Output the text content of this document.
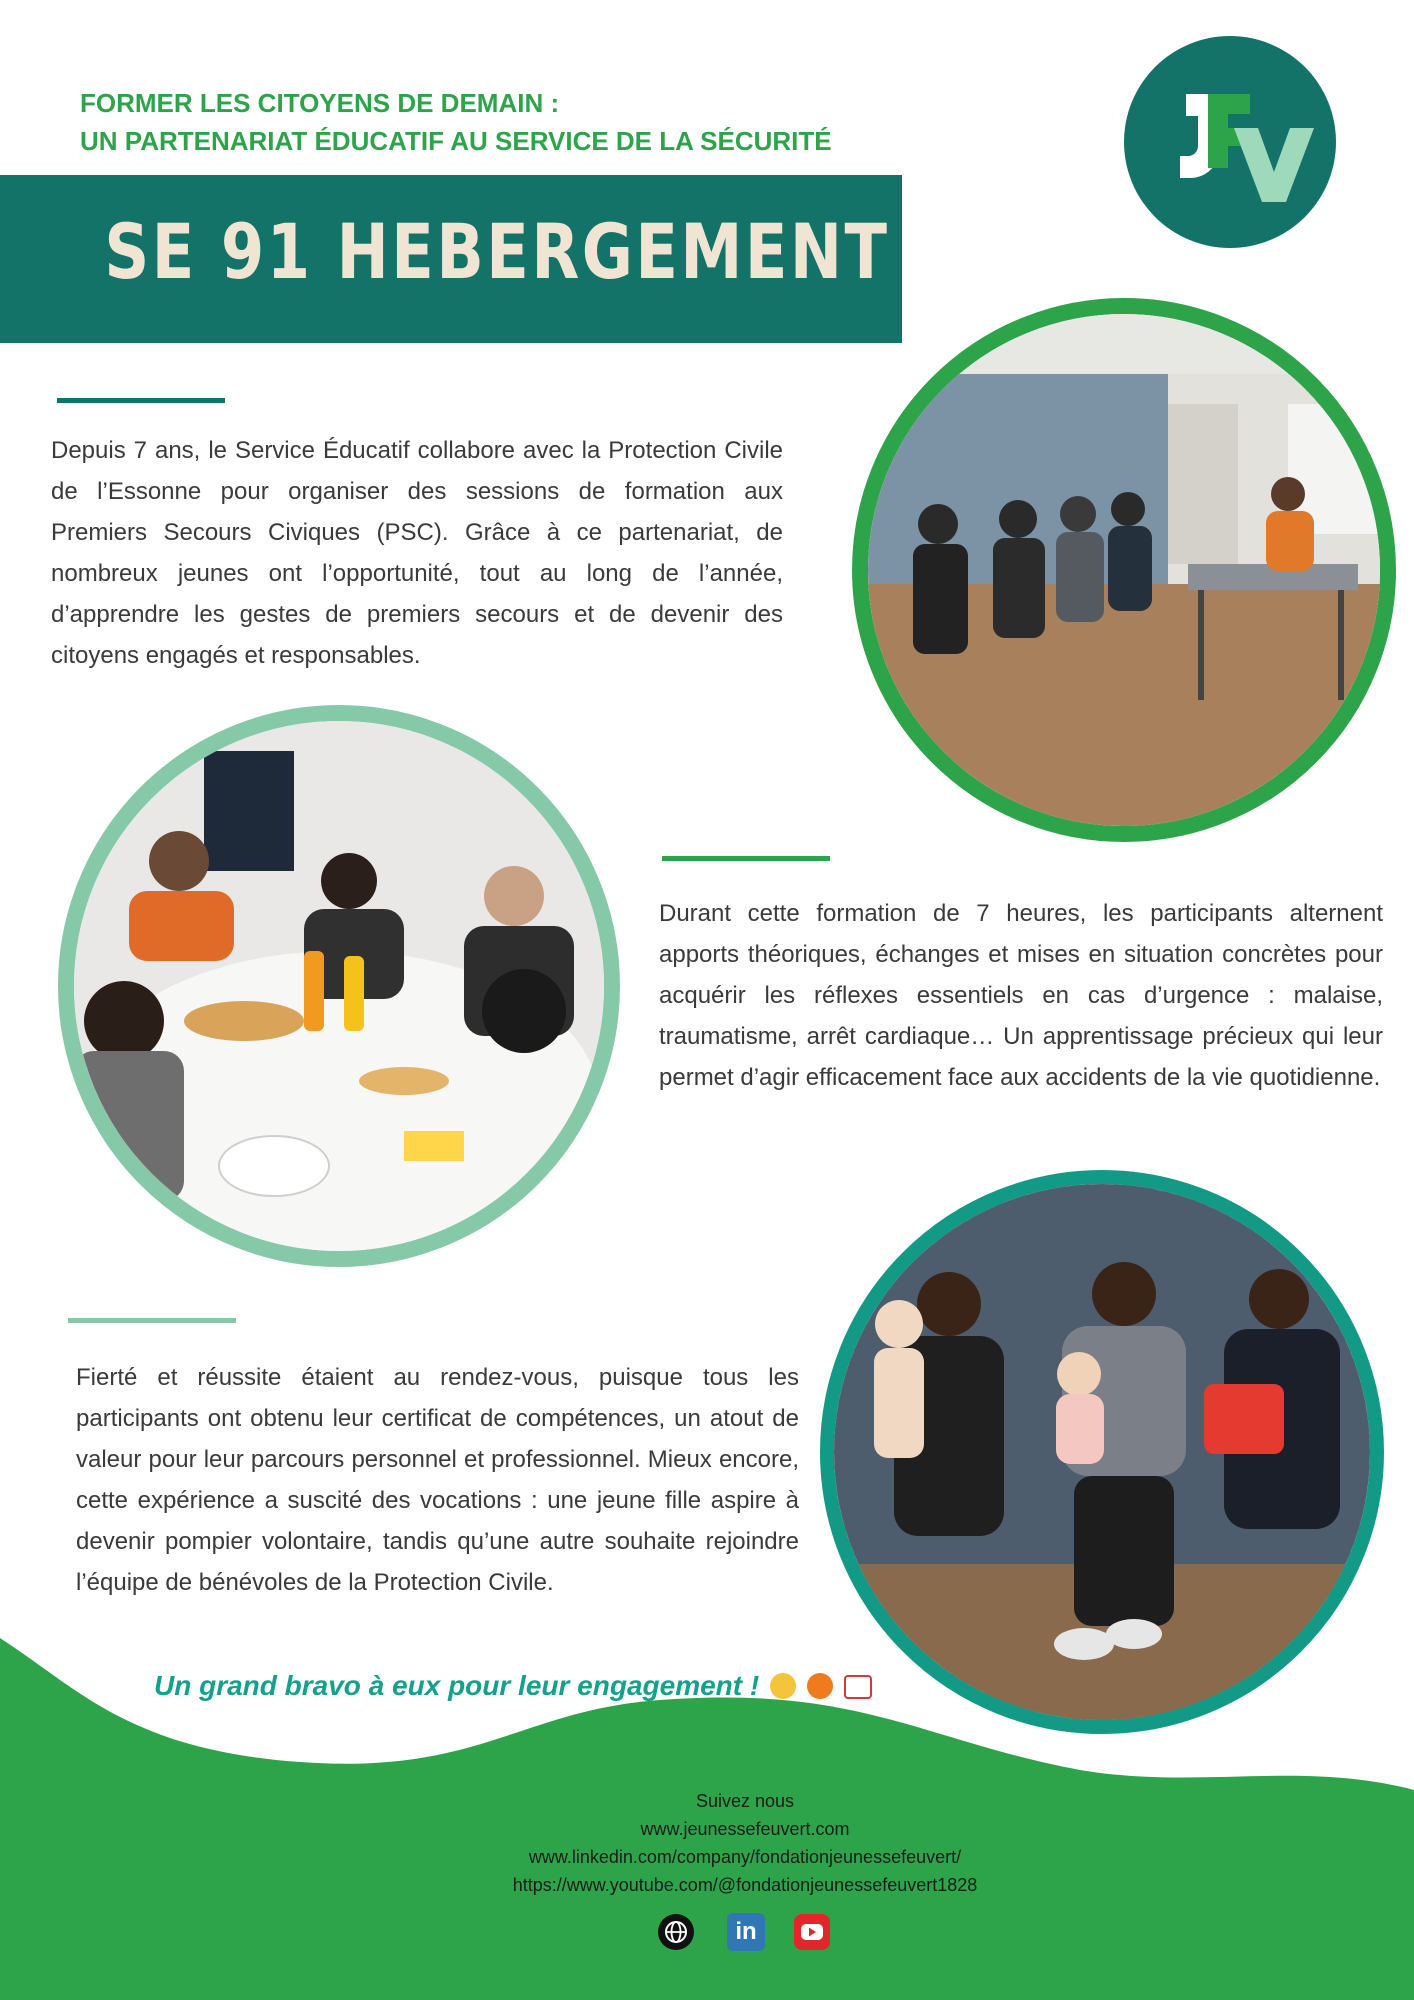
FORMER LES CITOYENS DE DEMAIN :
UN PARTENARIAT ÉDUCATIF AU SERVICE DE LA SÉCURITÉ
SE 91 HEBERGEMENT

Depuis 7 ans, le Service Éducatif collabore avec la Protection Civile de l’Essonne pour organiser des sessions de formation aux Premiers Secours Civiques (PSC). Grâce à ce partenariat, de nombreux jeunes ont l’opportunité, tout au long de l’année, d’apprendre les gestes de premiers secours et de devenir des citoyens engagés et responsables.

Durant cette formation de 7 heures, les participants alternent apports théoriques, échanges et mises en situation concrètes pour acquérir les réflexes essentiels en cas d’urgence : malaise, traumatisme, arrêt cardiaque… Un apprentissage précieux qui leur permet d’agir efficacement face aux accidents de la vie quotidienne.

Fierté et réussite étaient au rendez-vous, puisque tous les participants ont obtenu leur certificat de compétences, un atout de valeur pour leur parcours personnel et professionnel. Mieux encore, cette expérience a suscité des vocations : une jeune fille aspire à devenir pompier volontaire, tandis qu’une autre souhaite rejoindre l’équipe de bénévoles de la Protection Civile.

Un grand bravo à eux pour leur engagement !
Suivez nous
www.jeunessefeuvert.com
www.linkedin.com/company/fondationjeunessefeuvert/
https://www.youtube.com/@fondationjeunessefeuvert1828
in
